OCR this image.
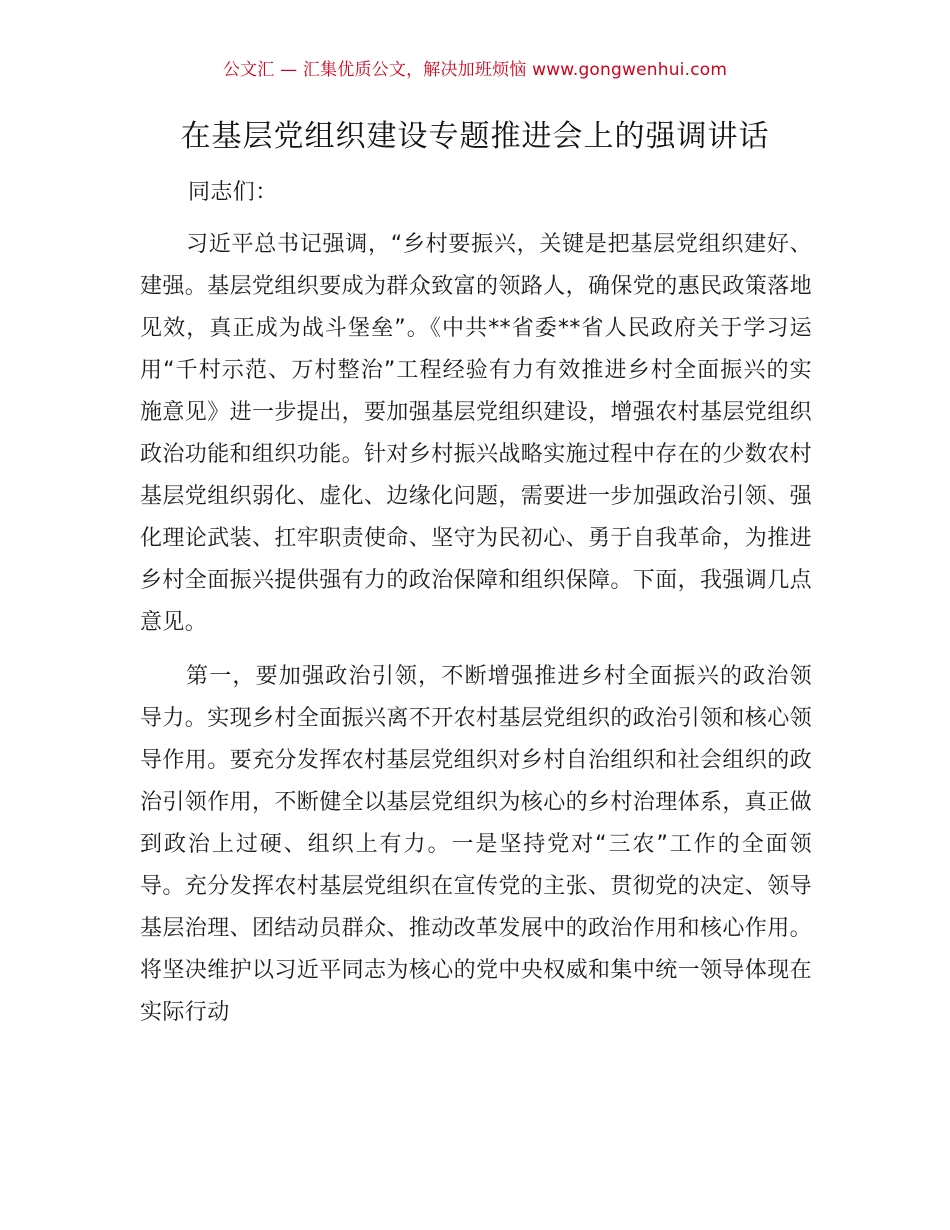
公文汇 — 汇集优质公文，解决加班烦恼 www.gongwenhui.com
在基层党组织建设专题推进会上的强调讲话

同志们：

习近平总书记强调，“乡村要振兴，关键是把基层党组织建好、建强。基层党组织要成为群众致富的领路人，确保党的惠民政策落地见效，真正成为战斗堡垒”。《中共**省委**省人民政府关于学习运用“千村示范、万村整治”工程经验有力有效推进乡村全面振兴的实施意见》进一步提出，要加强基层党组织建设，增强农村基层党组织政治功能和组织功能。针对乡村振兴战略实施过程中存在的少数农村基层党组织弱化、虚化、边缘化问题，需要进一步加强政治引领、强化理论武装、扛牢职责使命、坚守为民初心、勇于自我革命，为推进乡村全面振兴提供强有力的政治保障和组织保障。下面，我强调几点意见。

第一，要加强政治引领，不断增强推进乡村全面振兴的政治领导力。实现乡村全面振兴离不开农村基层党组织的政治引领和核心领导作用。要充分发挥农村基层党组织对乡村自治组织和社会组织的政治引领作用，不断健全以基层党组织为核心的乡村治理体系，真正做到政治上过硬、组织上有力。一是坚持党对“三农”工作的全面领导。充分发挥农村基层党组织在宣传党的主张、贯彻党的决定、领导基层治理、团结动员群众、推动改革发展中的政治作用和核心作用。将坚决维护以习近平同志为核心的党中央权威和集中统一领导体现在实际行动
